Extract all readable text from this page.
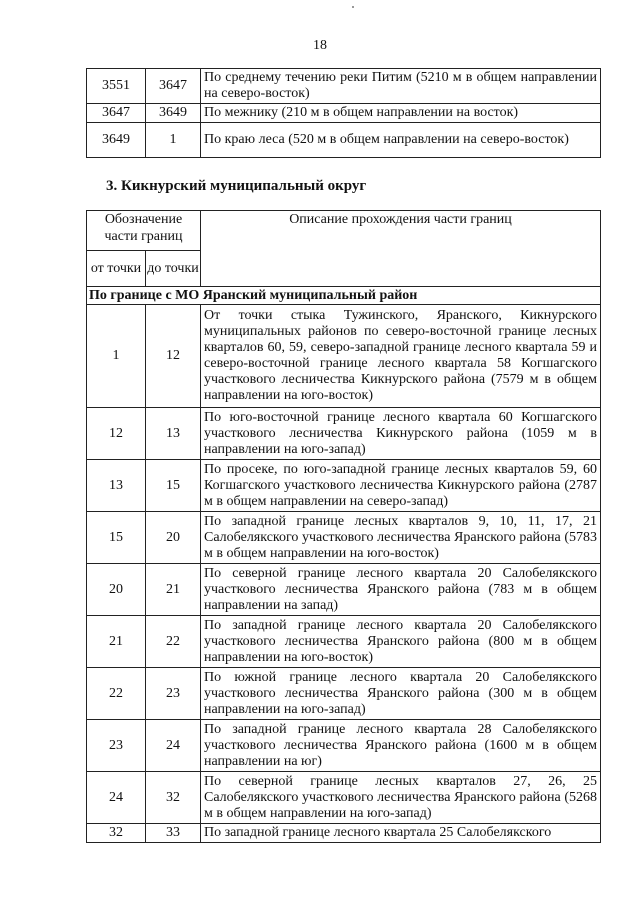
18
3551	3647	По среднему течению реки Питим (5210 м в общем направлении на северо-восток)
3647	3649	По межнику (210 м в общем направлении на восток)
3649	1	По краю леса (520 м в общем направлении на северо-восток)
3. Кикнурский муниципальный округ
Обозначение части границ		Описание прохождения части границ
от точки	до точки	
По границе с МО Яранский муниципальный район		
1	12	От точки стыка Тужинского, Яранского, Кикнурского муниципальных районов по северо-восточной границе лесных кварталов 60, 59, северо-западной границе лесного квартала 59 и северо-восточной границе лесного квартала 58 Когшагского участкового лесничества Кикнурского района (7579 м в общем направлении на юго-восток)
12	13	По юго-восточной границе лесного квартала 60 Когшагского участкового лесничества Кикнурского района (1059 м в направлении на юго-запад)
13	15	По просеке, по юго-западной границе лесных кварталов 59, 60 Когшагского участкового лесничества Кикнурского района (2787 м в общем направлении на северо-запад)
15	20	По западной границе лесных кварталов 9, 10, 11, 17, 21 Салобелякского участкового лесничества Яранского района (5783 м в общем направлении на юго-восток)
20	21	По северной границе лесного квартала 20 Салобелякского участкового лесничества Яранского района (783 м в общем направлении на запад)
21	22	По западной границе лесного квартала 20 Салобелякского участкового лесничества Яранского района (800 м в общем направлении на юго-восток)
22	23	По южной границе лесного квартала 20 Салобелякского участкового лесничества Яранского района (300 м в общем направлении на юго-запад)
23	24	По западной границе лесного квартала 28 Салобелякского участкового лесничества Яранского района (1600 м в общем направлении на юг)
24	32	По северной границе лесных кварталов 27, 26, 25 Салобелякского участкового лесничества Яранского района (5268 м в общем направлении на юго-запад)
32	33	По западной границе лесного квартала 25 Салобелякского
